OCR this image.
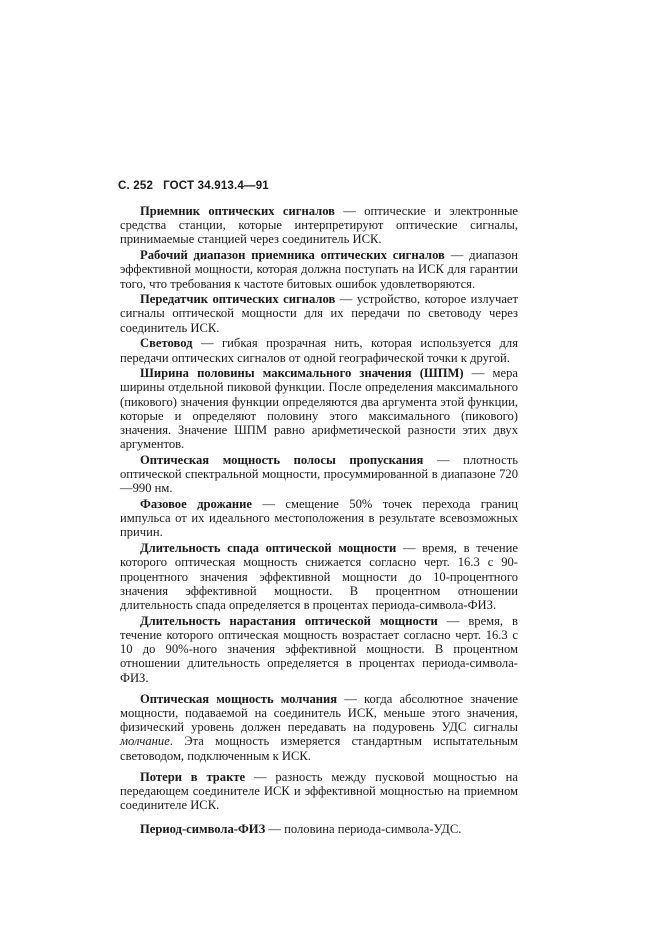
С. 252 ГОСТ 34.913.4—91

Приемник оптических сигналов — оптические и электронные средства станции, которые интерпретируют оптические сигналы, принимаемые станцией через соединитель ИСК.

Рабочий диапазон приемника оптических сигналов — диапазон эффективной мощности, которая должна поступать на ИСК для гарантии того, что требования к частоте битовых ошибок удовлетворяются.

Передатчик оптических сигналов — устройство, которое излучает сигналы оптической мощности для их передачи по световоду через соединитель ИСК.

Световод — гибкая прозрачная нить, которая используется для передачи оптических сигналов от одной географической точки к другой.

Ширина половины максимального значения (ШПМ) — мера ширины отдельной пиковой функции. После определения максимального (пикового) значения функции определяются два аргумента этой функции, которые и определяют половину этого максимального (пикового) значения. Значение ШПМ равно арифметической разности этих двух аргументов.

Оптическая мощность полосы пропускания — плотность оптической спектральной мощности, просуммированной в диапазоне 720—990 нм.

Фазовое дрожание — смещение 50% точек перехода границ импульса от их идеального местоположения в результате всевозможных причин.

Длительность спада оптической мощности — время, в течение которого оптическая мощность снижается согласно черт. 16.3 с 90-процентного значения эффективной мощности до 10-процентного значения эффективной мощности. В процентном отношении длительность спада определяется в процентах периода-символа-ФИЗ.

Длительность нарастания оптической мощности — время, в течение которого оптическая мощность возрастает согласно черт. 16.3 с 10 до 90%-ного значения эффективной мощности. В процентном отношении длительность определяется в процентах периода-символа-ФИЗ.

Оптическая мощность молчания — когда абсолютное значение мощности, подаваемой на соединитель ИСК, меньше этого значения, физический уровень должен передавать на подуровень УДС сигналы молчание. Эта мощность измеряется стандартным испытательным световодом, подключенным к ИСК.

Потери в тракте — разность между пусковой мощностью на передающем соединителе ИСК и эффективной мощностью на приемном соединителе ИСК.

Период-символа-ФИЗ — половина периода-символа-УДС.
